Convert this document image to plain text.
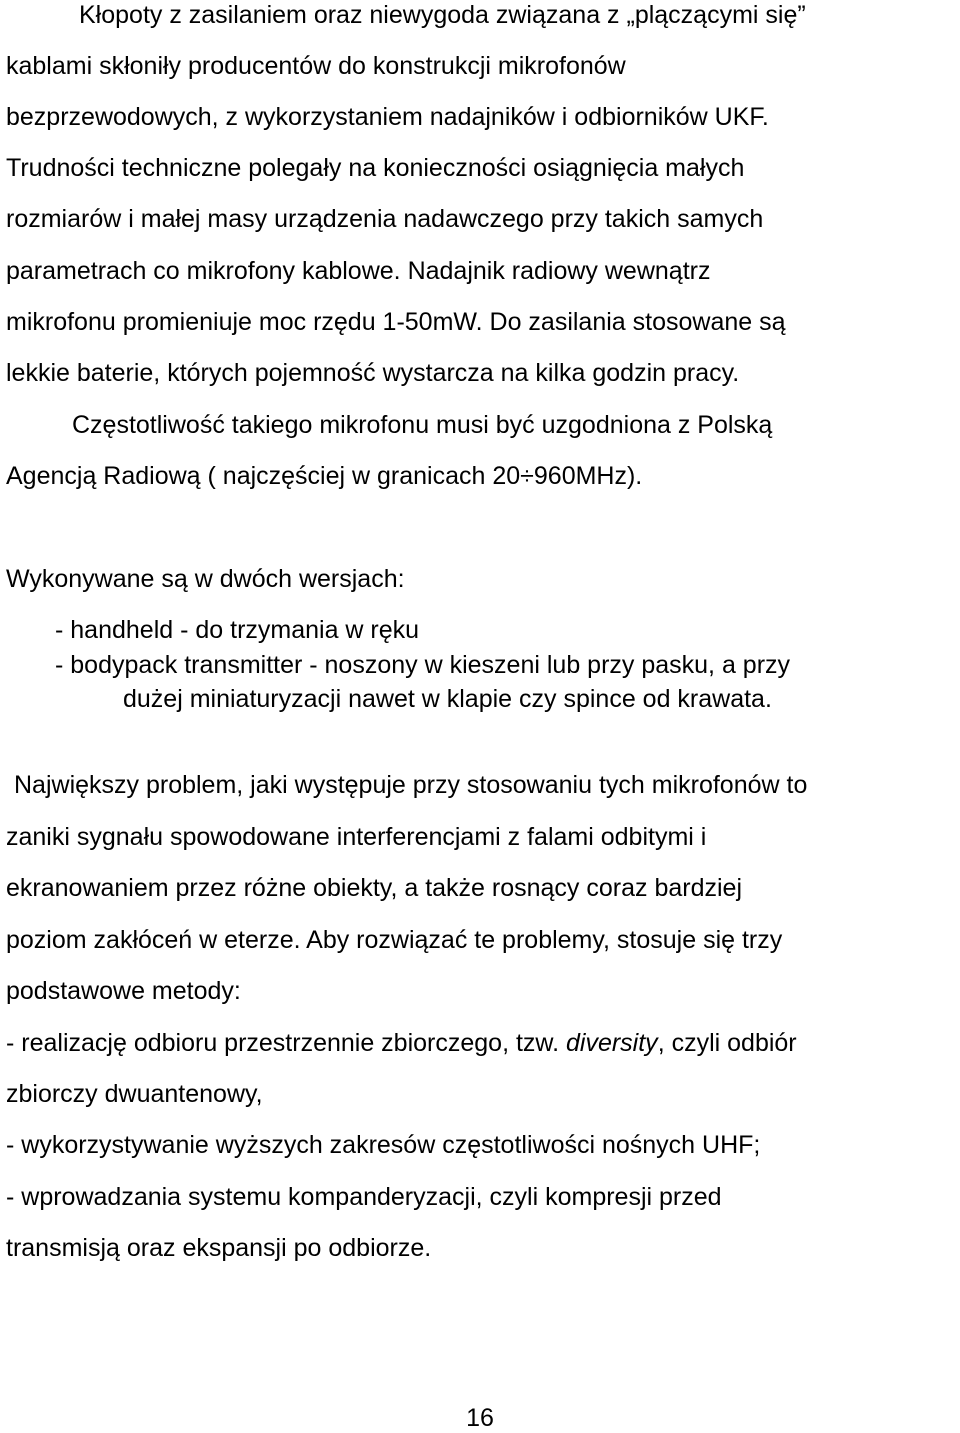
Kłopoty z zasilaniem oraz niewygoda związana z „plączącymi się”

kablami skłoniły producentów do konstrukcji mikrofonów

bezprzewodowych, z wykorzystaniem nadajników i odbiorników UKF.

Trudności techniczne polegały na konieczności osiągnięcia małych

rozmiarów i małej masy urządzenia nadawczego przy takich samych

parametrach co mikrofony kablowe. Nadajnik radiowy wewnątrz

mikrofonu promieniuje moc rzędu 1-50mW. Do zasilania stosowane są

lekkie baterie, których pojemność wystarcza na kilka godzin pracy.

Częstotliwość takiego mikrofonu musi być uzgodniona z Polską

Agencją Radiową ( najczęściej w granicach 20÷960MHz).

Wykonywane są w dwóch wersjach:

- handheld - do trzymania w ręku

- bodypack transmitter - noszony w kieszeni lub przy pasku, a przy

dużej miniaturyzacji nawet w klapie czy spince od krawata.

Największy problem, jaki występuje przy stosowaniu tych mikrofonów to

zaniki sygnału spowodowane interferencjami z falami odbitymi i

ekranowaniem przez różne obiekty, a także rosnący coraz bardziej

poziom zakłóceń w eterze. Aby rozwiązać te problemy, stosuje się trzy

podstawowe metody:

- realizację odbioru przestrzennie zbiorczego, tzw. diversity, czyli odbiór

zbiorczy dwuantenowy,

- wykorzystywanie wyższych zakresów częstotliwości nośnych UHF;

- wprowadzania systemu kompanderyzacji, czyli kompresji przed

transmisją oraz ekspansji po odbiorze.

16
